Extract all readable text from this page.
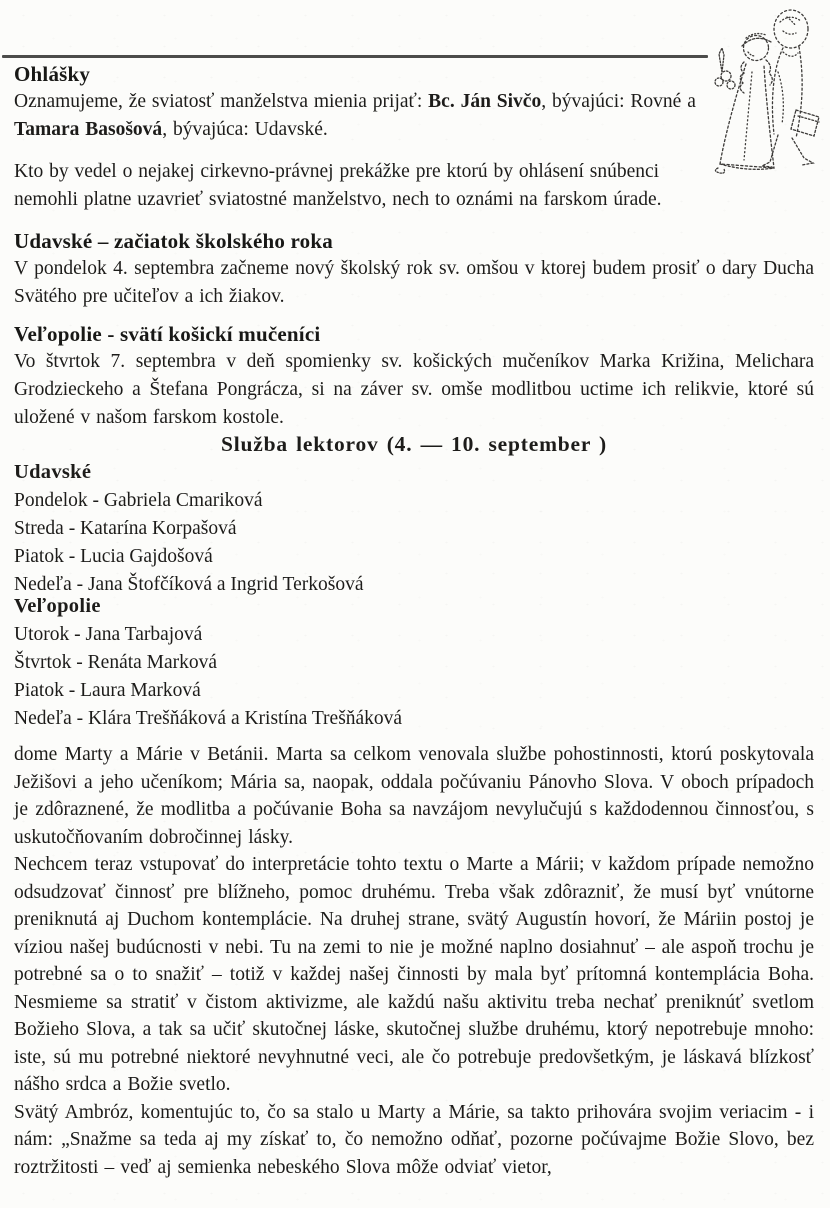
Ohlášky

Oznamujeme, že sviatosť manželstva mienia prijať: Bc. Ján Sivčo, bývajúci: Rovné a Tamara Basošová, bývajúca: Udavské.

Kto by vedel o nejakej cirkevno-právnej prekážke pre ktorú by ohlásení snúbenci nemohli platne uzavrieť sviatostné manželstvo, nech to oznámi na farskom úrade.

Udavské – začiatok školského roka

V pondelok 4. septembra začneme nový školský rok sv. omšou v ktorej budem prosiť o dary Ducha Svätého pre učiteľov a ich žiakov.

Veľopolie - svätí košickí mučeníci

Vo štvrtok 7. septembra v deň spomienky sv. košických mučeníkov Marka Križina, Melichara Grodzieckeho a Štefana Pongrácza, si na záver sv. omše modlitbou uctime ich relikvie, ktoré sú uložené v našom farskom kostole.

Služba lektorov (4. — 10. september )
Udavské
Pondelok - Gabriela Cmariková
Streda - Katarína Korpašová
Piatok - Lucia Gajdošová
Nedeľa - Jana Štofčíková a Ingrid Terkošová
Veľopolie
Utorok - Jana Tarbajová
Štvrtok - Renáta Marková
Piatok - Laura Marková
Nedeľa - Klára Trešňáková a Kristína Trešňáková

dome Marty a Márie v Betánii. Marta sa celkom venovala službe pohostinnosti, ktorú poskytovala Ježišovi a jeho učeníkom; Mária sa, naopak, oddala počúvaniu Pánovho Slova. V oboch prípadoch je zdôraznené, že modlitba a počúvanie Boha sa navzájom nevylučujú s každodennou činnosťou, s uskutočňovaním dobročinnej lásky.

Nechcem teraz vstupovať do interpretácie tohto textu o Marte a Márii; v každom prípade nemožno odsudzovať činnosť pre blížneho, pomoc druhému. Treba však zdôrazniť, že musí byť vnútorne preniknutá aj Duchom kontemplácie. Na druhej strane, svätý Augustín hovorí, že Máriin postoj je víziou našej budúcnosti v nebi. Tu na zemi to nie je možné naplno dosiahnuť – ale aspoň trochu je potrebné sa o to snažiť – totiž v každej našej činnosti by mala byť prítomná kontemplácia Boha. Nesmieme sa stratiť v čistom aktivizme, ale každú našu aktivitu treba nechať preniknúť svetlom Božieho Slova, a tak sa učiť skutočnej láske, skutočnej službe druhému, ktorý nepotrebuje mnoho: iste, sú mu potrebné niektoré nevyhnutné veci, ale čo potrebuje predovšetkým, je láskavá blízkosť nášho srdca a Božie svetlo.

Svätý Ambróz, komentujúc to, čo sa stalo u Marty a Márie, sa takto prihovára svojim veriacim - i nám: „Snažme sa teda aj my získať to, čo nemožno odňať, pozorne počúvajme Božie Slovo, bez roztržitosti – veď aj semienka nebeského Slova môže odviať vietor,
